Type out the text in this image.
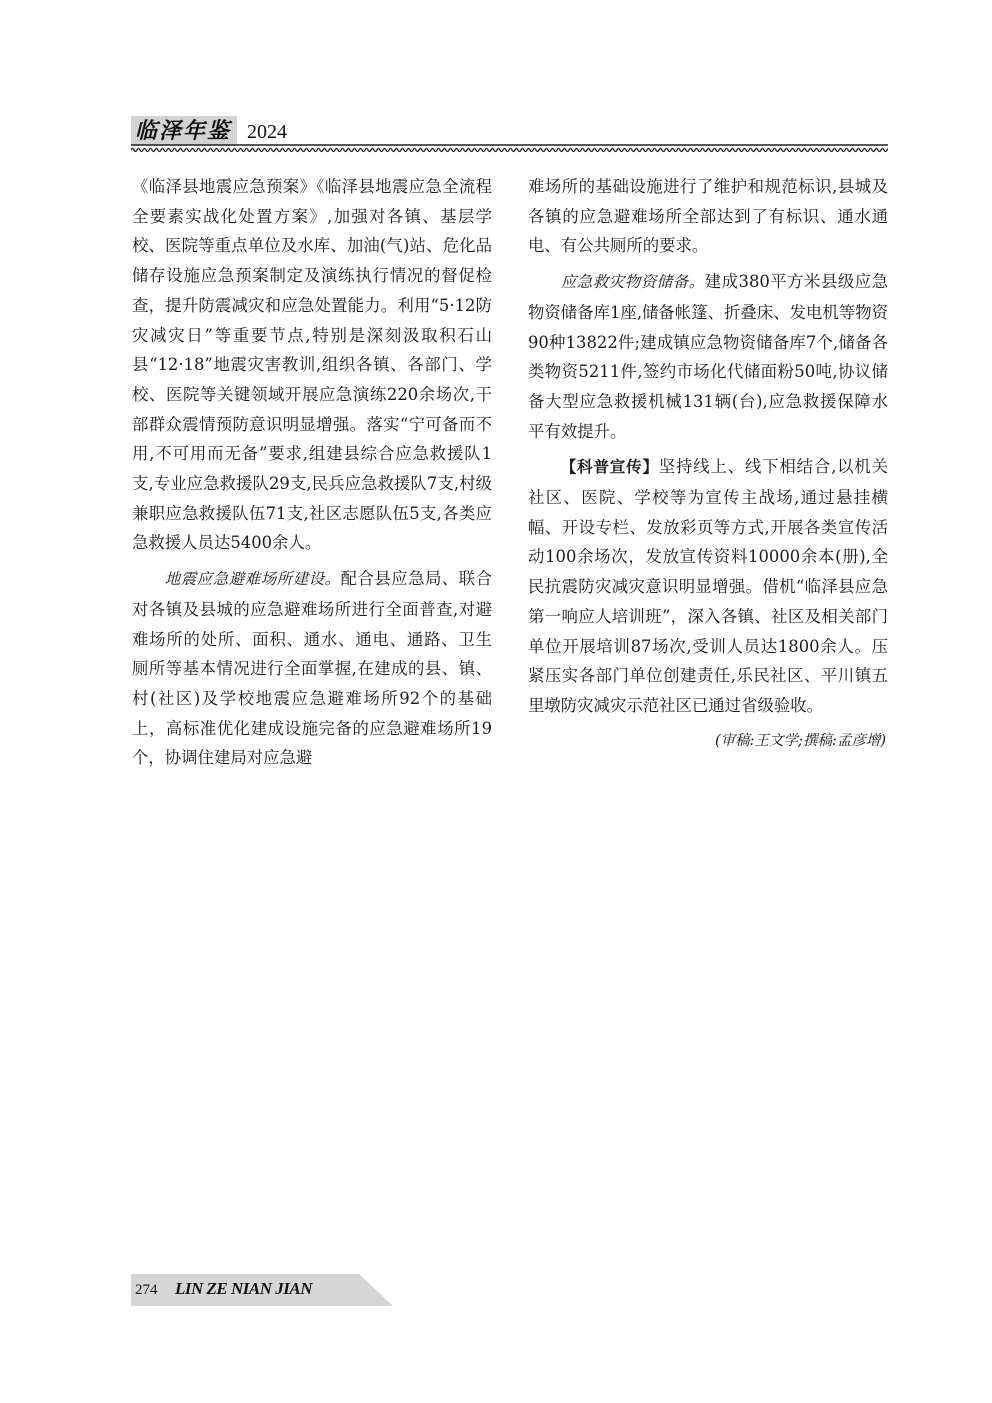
临泽年鉴 2024

《临泽县地震应急预案》《临泽县地震应急全流程全要素实战化处置方案》,加强对各镇、基层学校、医院等重点单位及水库、加油(气)站、危化品储存设施应急预案制定及演练执行情况的督促检查，提升防震减灾和应急处置能力。利用“5·12防灾减灾日”等重要节点,特别是深刻汲取积石山县“12·18”地震灾害教训,组织各镇、各部门、学校、医院等关键领域开展应急演练220余场次,干部群众震情预防意识明显增强。落实“宁可备而不用,不可用而无备”要求,组建县综合应急救援队1支,专业应急救援队29支,民兵应急救援队7支,村级兼职应急救援队伍71支,社区志愿队伍5支,各类应急救援人员达5400余人。

地震应急避难场所建设。配合县应急局、联合对各镇及县城的应急避难场所进行全面普查,对避难场所的处所、面积、通水、通电、通路、卫生厕所等基本情况进行全面掌握,在建成的县、镇、村(社区)及学校地震应急避难场所92个的基础上，高标准优化建成设施完备的应急避难场所19个，协调住建局对应急避

难场所的基础设施进行了维护和规范标识,县城及各镇的应急避难场所全部达到了有标识、通水通电、有公共厕所的要求。

应急救灾物资储备。建成380平方米县级应急物资储备库1座,储备帐篷、折叠床、发电机等物资90种13822件;建成镇应急物资储备库7个,储备各类物资5211件,签约市场化代储面粉50吨,协议储备大型应急救援机械131辆(台),应急救援保障水平有效提升。

【科普宣传】坚持线上、线下相结合,以机关社区、医院、学校等为宣传主战场,通过悬挂横幅、开设专栏、发放彩页等方式,开展各类宣传活动100余场次，发放宣传资料10000余本(册),全民抗震防灾减灾意识明显增强。借机“临泽县应急第一响应人培训班”，深入各镇、社区及相关部门单位开展培训87场次,受训人员达1800余人。压紧压实各部门单位创建责任,乐民社区、平川镇五里墩防灾减灾示范社区已通过省级验收。

(审稿:王文学;撰稿:孟彦增)

274 LIN ZE NIAN JIAN
